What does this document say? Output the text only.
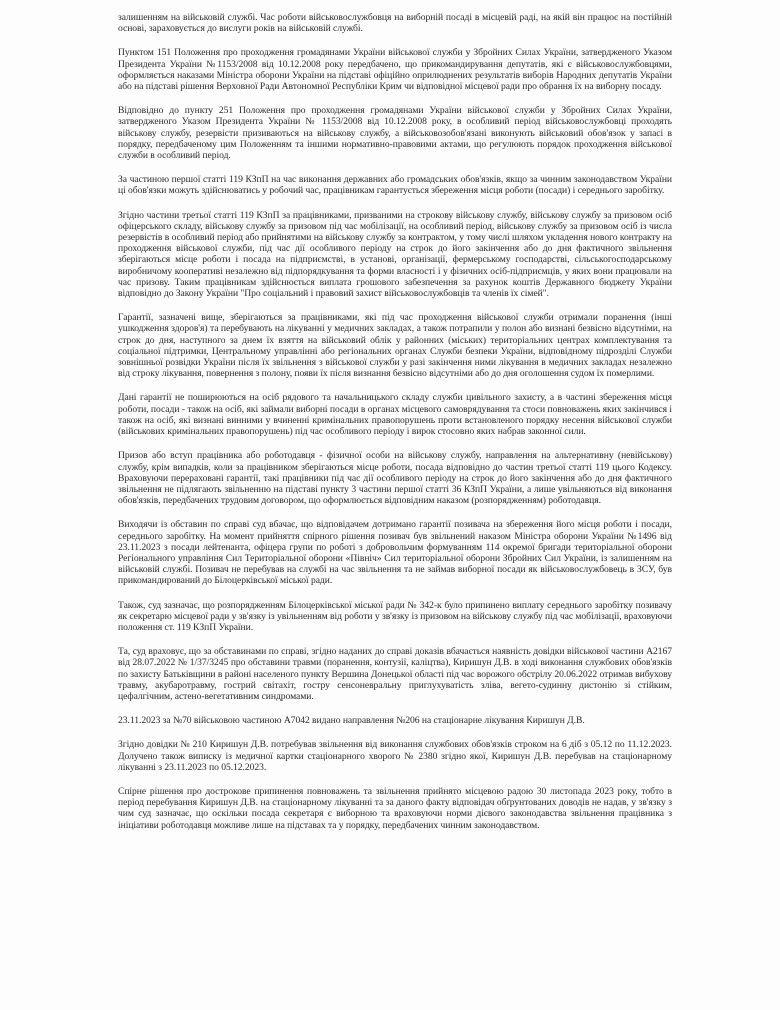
залишенням на військовій службі. Час роботи військовослужбовця на виборній посаді в місцевій раді, на якій він працює на постійній основі, зараховується до вислуги років на військовій службі.

Пунктом 151 Положення про проходження громадянами України військової служби у Збройних Силах України, затвердженого Указом Президента України №1153/2008 від 10.12.2008 року передбачено, що прикомандирування депутатів, які є військовослужбовцями, оформляється наказами Міністра оборони України на підставі офіційно оприлюднених результатів виборів Народних депутатів України або на підставі рішення Верховної Ради Автономної Республіки Крим чи відповідної місцевої ради про обрання їх на виборну посаду.

Відповідно до пункту 251 Положення про проходження громадянами України військової служби у Збройних Силах України, затвердженого Указом Президента України № 1153/2008 від 10.12.2008 року, в особливий період військовослужбовці проходять військову службу, резервісти призиваються на військову службу, а військовозобов'язані виконують військовий обов'язок у запасі в порядку, передбаченому цим Положенням та іншими нормативно-правовими актами, що регулюють порядок проходження військової служби в особливий період.

За частиною першої статті 119 КЗпП на час виконання державних або громадських обов'язків, якщо за чинним законодавством України ці обов'язки можуть здійснюватись у робочий час, працівникам гарантується збереження місця роботи (посади) і середнього заробітку.

Згідно частини третьої статті 119 КЗпП за працівниками, призваними на строкову військову службу, військову службу за призовом осіб офіцерського складу, військову службу за призовом під час мобілізації, на особливий період, військову службу за призовом осіб із числа резервістів в особливий період або прийнятими на військову службу за контрактом, у тому числі шляхом укладення нового контракту на проходження військової служби, під час дії особливого періоду на строк до його закінчення або до дня фактичного звільнення зберігаються місце роботи і посада на підприємстві, в установі, організації, фермерському господарстві, сільськогосподарському виробничому кооперативі незалежно від підпорядкування та форми власності і у фізичних осіб-підприємців, у яких вони працювали на час призову. Таким працівникам здійснюється виплата грошового забезпечення за рахунок коштів Державного бюджету України відповідно до Закону України "Про соціальний і правовий захист військовослужбовців та членів їх сімей".

Гарантії, зазначені вище, зберігаються за працівниками, які під час проходження військової служби отримали поранення (інші ушкодження здоров'я) та перебувають на лікуванні у медичних закладах, а також потрапили у полон або визнані безвісно відсутніми, на строк до дня, наступного за днем їх взяття на військовий облік у районних (міських) територіальних центрах комплектування та соціальної підтримки, Центральному управлінні або регіональних органах Служби безпеки України, відповідному підрозділі Служби зовнішньої розвідки України після їх звільнення з військової служби у разі закінчення ними лікування в медичних закладах незалежно від строку лікування, повернення з полону, появи їх після визнання безвісно відсутніми або до дня оголошення судом їх померлими.

Дані гарантії не поширюються на осіб рядового та начальницького складу служби цивільного захисту, а в частині збереження місця роботи, посади - також на осіб, які займали виборні посади в органах місцевого самоврядування та стоси повноважень яких закінчився і також на осіб, які визнані винними у вчиненні кримінальних правопорушень проти встановленого порядку несення військової служби (військових кримінальних правопорушень) під час особливого періоду і вирок стосовно яких набрав законної сили.

Призов або вступ працівника або роботодавця - фізичної особи на військову службу, направлення на альтернативну (невійськову) службу, крім випадків, коли за працівником зберігаються місце роботи, посада відповідно до частин третьої статті 119 цього Кодексу. Враховуючи перераховані гарантії, такі працівники під час дії особливого періоду на строк до його закінчення або до дня фактичного звільнення не підлягають звільненню на підставі пункту 3 частини першої статті 36 КЗпП України, а лише увільняються від виконання обов'язків, передбачених трудовим договором, що оформлюється відповідним наказом (розпорядженням) роботодавця.

Виходячи із обставин по справі суд вбачає, що відповідачем дотримано гарантії позивача на збереження його місця роботи і посади, середнього заробітку. На момент прийняття спірного рішення позивач був звільнений наказом Міністра оборони України №1496 від 23.11.2023 з посади лейтенанта, офіцера групи по роботі з добровольчим формуванням 114 окремої бригади територіальної оборони Регіонального управління Сил Територіальної оборони «Північ» Сил територіальної оборони Збройних Сил України, із залишенням на військовій службі. Позивач не перебував на службі на час звільнення та не займав виборної посади як військовослужбовець в ЗСУ, був прикомандирований до Білоцерківської міської ради.

Також, суд зазначає, що розпорядженням Білоцерківської міської ради № 342-к було припинено виплату середнього заробітку позивачу як секретарю місцевої ради у зв'язку із увільненням від роботи у зв'язку із призовом на військову службу під час мобілізації, враховуючи положення ст. 119 КЗпП України.

Та, суд враховує, що за обставинами по справі, згідно наданих до справі доказів вбачається наявність довідки військової частини А2167 від 28.07.2022 № 1/37/3245 про обставини травми (поранення, контузії, каліцтва), Киришун Д.В. в ході виконання службових обов'язків по захисту Батьківщини в районі населеного пункту Вершина Донецької області під час ворожого обстрілу 20.06.2022 отримав вибухову травму, акубаротравму, гострий світахіт, гостру сенсоневральну приглухуватість зліва, вегето-судинну дистонію зі стійким, цефалгічним, астено-вегетативним синдромами.

23.11.2023 за №70 військовою частиною А7042 видано направлення №206 на стаціонарне лікування Киришун Д.В.

Згідно довідки № 210 Киришун Д.В. потребував звільнення від виконання службових обов'язків строком на 6 діб з 05.12 по 11.12.2023. Долучено також виписку із медичної картки стаціонарного хворого № 2380 згідно якої, Киришун Д.В. перебував на стаціонарному лікуванні з 23.11.2023 по 05.12.2023.

Спірне рішення про дострокове припинення повноважень та звільнення прийнято місцевою радою 30 листопада 2023 року, тобто в період перебування Киришун Д.В. на стаціонарному лікуванні та за даного факту відповідач обґрунтованих доводів не надав, у зв'язку з чим суд зазначає, що оскільки посада секретаря є виборною та враховуючи норми дієвого законодавства звільнення працівника з ініціативи роботодавця можливе лише на підставах та у порядку, передбачених чинним законодавством.
